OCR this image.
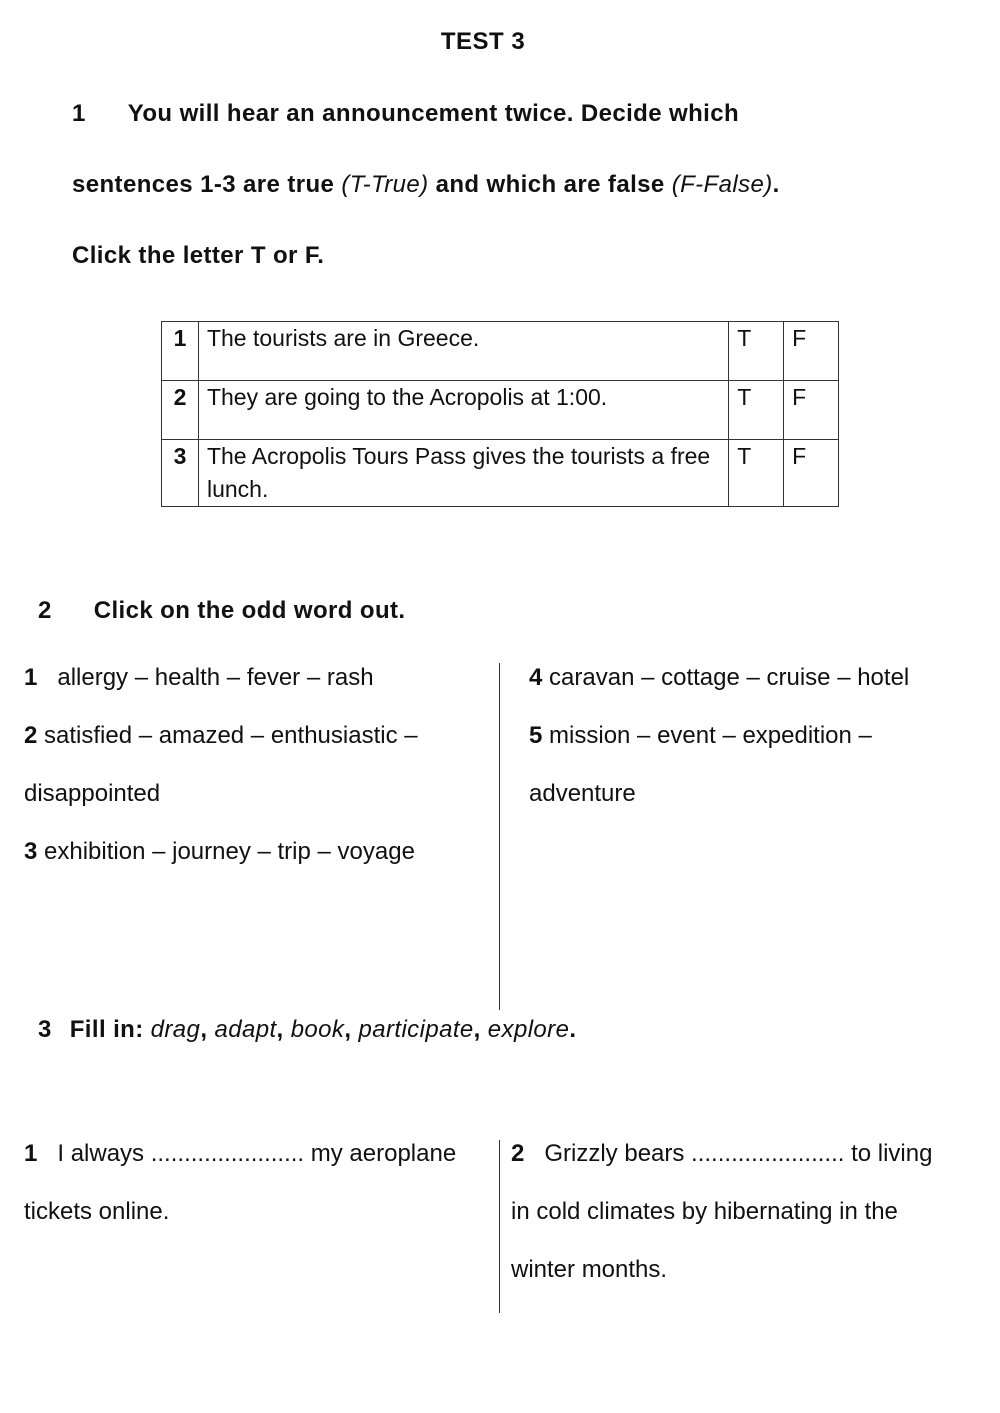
TEST 3
1 You will hear an announcement twice. Decide which
sentences 1-3 are true (T-True) and which are false (F-False).
Click the letter T or F.
1	The tourists are in Greece.	T	F
2	They are going to the Acropolis at 1:00.	T	F
3	The Acropolis Tours Pass gives the tourists a free lunch.	T	F
2 Click on the odd word out.
1 allergy – health – fever – rash
2 satisfied – amazed – enthusiastic –
disappointed
3 exhibition – journey – trip – voyage
4 caravan – cottage – cruise – hotel
5 mission – event – expedition –
adventure
3 Fill in: drag, adapt, book, participate, explore.
1 I always ....................... my aeroplane
tickets online.
2 Grizzly bears ....................... to living
in cold climates by hibernating in the
winter months.
